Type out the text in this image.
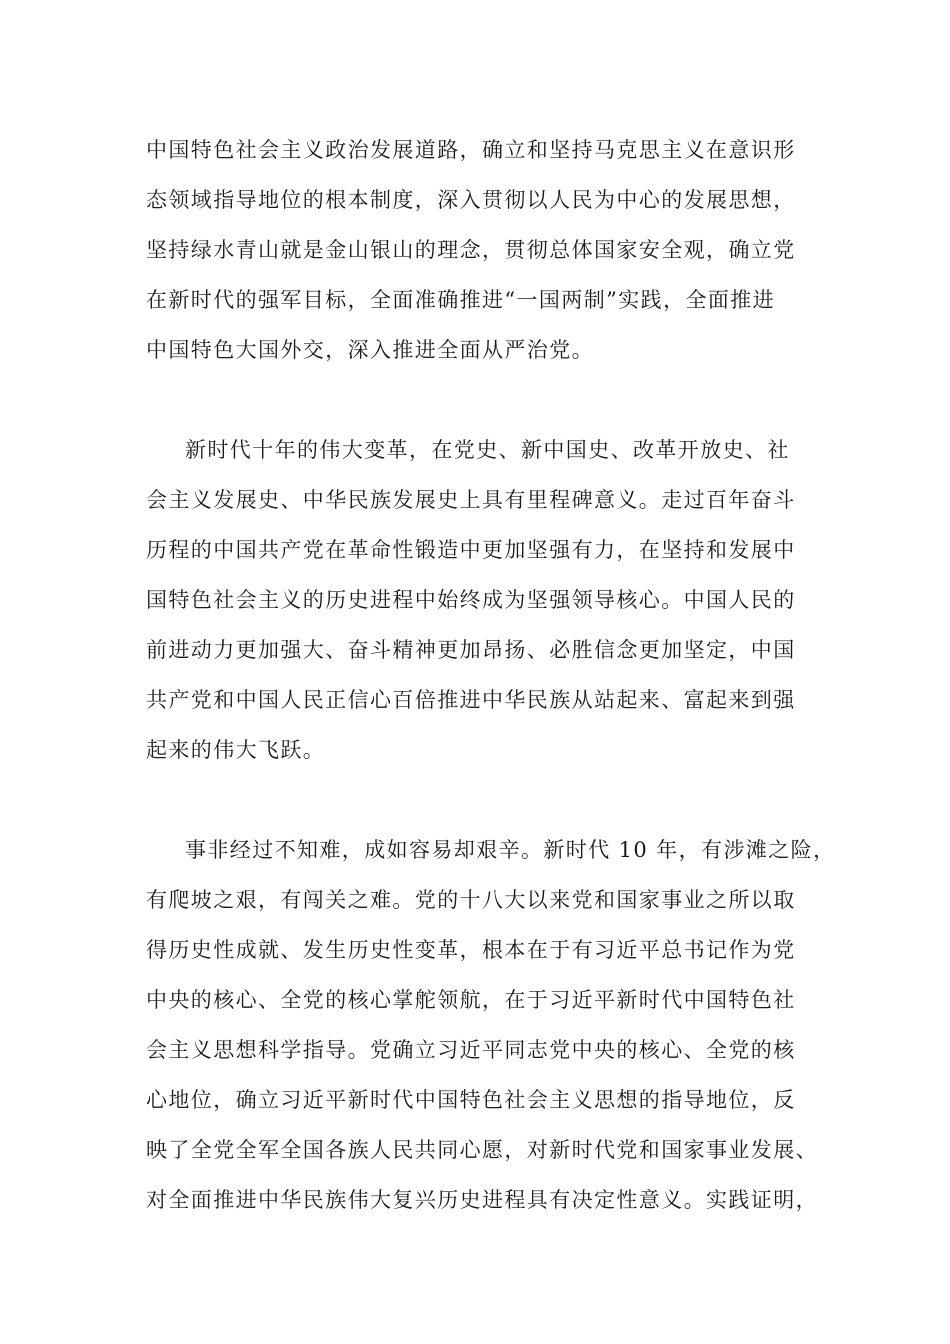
中国特色社会主义政治发展道路，确立和坚持马克思主义在意识形
态领域指导地位的根本制度，深入贯彻以人民为中心的发展思想，
坚持绿水青山就是金山银山的理念，贯彻总体国家安全观，确立党
在新时代的强军目标，全面准确推进“一国两制”实践，全面推进
中国特色大国外交，深入推进全面从严治党。
新时代十年的伟大变革，在党史、新中国史、改革开放史、社
会主义发展史、中华民族发展史上具有里程碑意义。走过百年奋斗
历程的中国共产党在革命性锻造中更加坚强有力，在坚持和发展中
国特色社会主义的历史进程中始终成为坚强领导核心。中国人民的
前进动力更加强大、奋斗精神更加昂扬、必胜信念更加坚定，中国
共产党和中国人民正信心百倍推进中华民族从站起来、富起来到强
起来的伟大飞跃。
事非经过不知难，成如容易却艰辛。新时代 10 年，有涉滩之险，
有爬坡之艰，有闯关之难。党的十八大以来党和国家事业之所以取
得历史性成就、发生历史性变革，根本在于有习近平总书记作为党
中央的核心、全党的核心掌舵领航，在于习近平新时代中国特色社
会主义思想科学指导。党确立习近平同志党中央的核心、全党的核
心地位，确立习近平新时代中国特色社会主义思想的指导地位，反
映了全党全军全国各族人民共同心愿，对新时代党和国家事业发展、
对全面推进中华民族伟大复兴历史进程具有决定性意义。实践证明，
